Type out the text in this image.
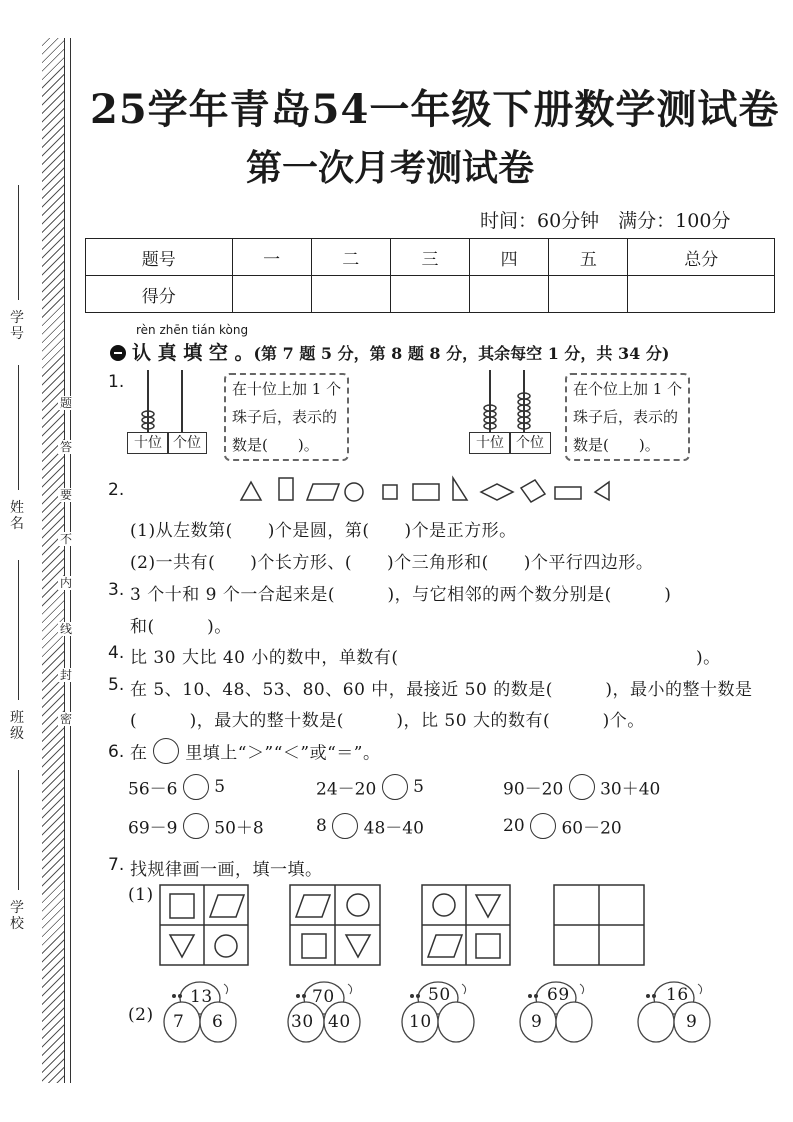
学号
姓名
班级
学校
题
答
要
不
内
线
封
密
25学年青岛54一年级下册数学测试卷
第一次月考测试卷
时间：60分钟　满分：100分
题号	一	二	三	四	五	总分
得分						
rèn zhēn tián kòng
认 真 填 空 。(第 7 题 5 分，第 8 题 8 分，其余每空 1 分，共 34 分)
1.
十位 个位
在十位上加 1 个
珠子后，表示的
数是(　　)。	十位 个位
在个位上加 1 个
珠子后，表示的
数是(　　)。
2.
(1)从左数第(　　)个是圆，第(　　)个是正方形。
(2)一共有(　　)个长方形、(　　)个三角形和(　　)个平行四边形。
3. 3 个十和 9 个一合起来是(　　　)，与它相邻的两个数分别是(　　　)
和(　　　)。
4. 比 30 大比 40 小的数中，单数有(　　　　　　　　　　　　　　　　　)。
5. 在 5、10、48、53、80、60 中，最接近 50 的数是(　　　)，最小的整十数是
(　　　)，最大的整十数是(　　　)，比 50 大的数有(　　　)个。
6. 在 里填上“＞”“＜”或“＝”。
56－6 5	24－20 5	90－20 30＋40
69－9 50＋8	8 48－40	20 60－20
7. 找规律画一画，填一填。
(1)
(2)
13
7 6
70
30 40
50
10
69
9
16
9
